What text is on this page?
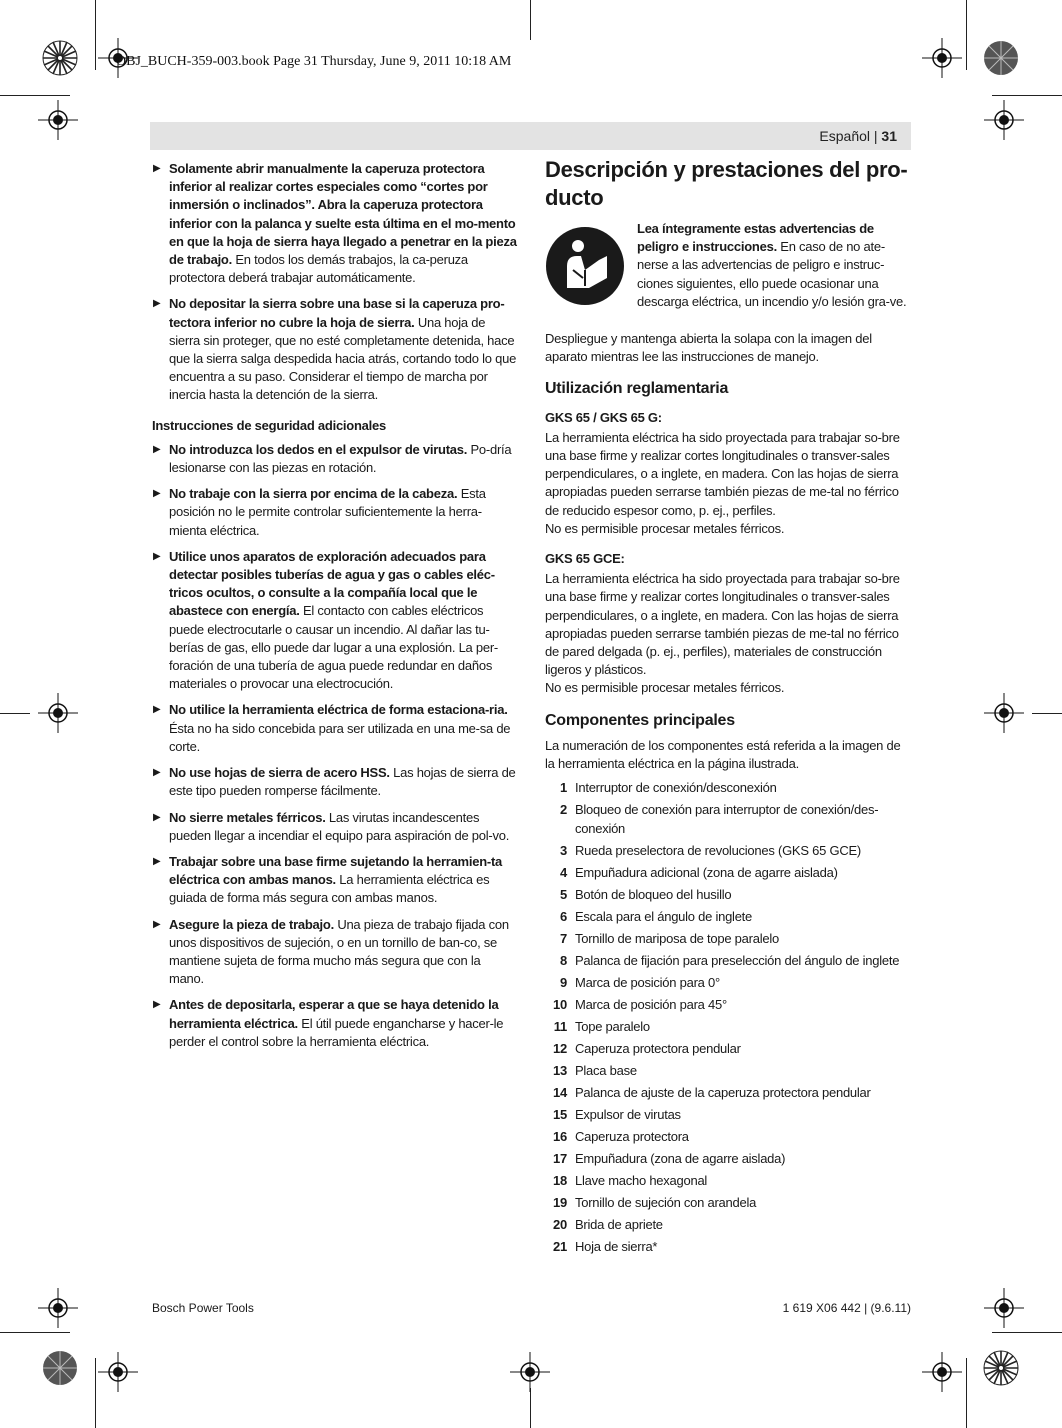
OBJ_BUCH-359-003.book Page 31 Thursday, June 9, 2011 10:18 AM
Español | 31
▶ Solamente abrir manualmente la caperuza protectora inferior al realizar cortes especiales como “cortes por inmersión o inclinados”. Abra la caperuza protectora inferior con la palanca y suelte esta última en el mo-mento en que la hoja de sierra haya llegado a penetrar en la pieza de trabajo. En todos los demás trabajos, la ca-peruza protectora deberá trabajar automáticamente.
▶ No depositar la sierra sobre una base si la caperuza pro-tectora inferior no cubre la hoja de sierra. Una hoja de sierra sin proteger, que no esté completamente detenida, hace que la sierra salga despedida hacia atrás, cortando todo lo que encuentra a su paso. Considerar el tiempo de marcha por inercia hasta la detención de la sierra.
Instrucciones de seguridad adicionales
▶ No introduzca los dedos en el expulsor de virutas. Po-dría lesionarse con las piezas en rotación.
▶ No trabaje con la sierra por encima de la cabeza. Esta posición no le permite controlar suficientemente la herra-mienta eléctrica.
▶ Utilice unos aparatos de exploración adecuados para detectar posibles tuberías de agua y gas o cables eléc-tricos ocultos, o consulte a la compañía local que le abastece con energía. El contacto con cables eléctricos puede electrocutarle o causar un incendio. Al dañar las tu-berías de gas, ello puede dar lugar a una explosión. La per-foración de una tubería de agua puede redundar en daños materiales o provocar una electrocución.
▶ No utilice la herramienta eléctrica de forma estaciona-ria. Ésta no ha sido concebida para ser utilizada en una me-sa de corte.
▶ No use hojas de sierra de acero HSS. Las hojas de sierra de este tipo pueden romperse fácilmente.
▶ No sierre metales férricos. Las virutas incandescentes pueden llegar a incendiar el equipo para aspiración de pol-vo.
▶ Trabajar sobre una base firme sujetando la herramien-ta eléctrica con ambas manos. La herramienta eléctrica es guiada de forma más segura con ambas manos.
▶ Asegure la pieza de trabajo. Una pieza de trabajo fijada con unos dispositivos de sujeción, o en un tornillo de ban-co, se mantiene sujeta de forma mucho más segura que con la mano.
▶ Antes de depositarla, esperar a que se haya detenido la herramienta eléctrica. El útil puede engancharse y hacer-le perder el control sobre la herramienta eléctrica.
Descripción y prestaciones del pro-ducto
Lea íntegramente estas advertencias de peligro e instrucciones. En caso de no ate-nerse a las advertencias de peligro e instruc-ciones siguientes, ello puede ocasionar una descarga eléctrica, un incendio y/o lesión gra-ve.

Despliegue y mantenga abierta la solapa con la imagen del aparato mientras lee las instrucciones de manejo.

Utilización reglamentaria
GKS 65 / GKS 65 G:

La herramienta eléctrica ha sido proyectada para trabajar so-bre una base firme y realizar cortes longitudinales o transver-sales perpendiculares, o a inglete, en madera. Con las hojas de sierra apropiadas pueden serrarse también piezas de me-tal no férrico de reducido espesor como, p. ej., perfiles.

No es permisible procesar metales férricos.

GKS 65 GCE:

La herramienta eléctrica ha sido proyectada para trabajar so-bre una base firme y realizar cortes longitudinales o transver-sales perpendiculares, o a inglete, en madera. Con las hojas de sierra apropiadas pueden serrarse también piezas de me-tal no férrico de pared delgada (p. ej., perfiles), materiales de construcción ligeros y plásticos.

No es permisible procesar metales férricos.

Componentes principales

La numeración de los componentes está referida a la imagen de la herramienta eléctrica en la página ilustrada.

1 Interruptor de conexión/desconexión
2 Bloqueo de conexión para interruptor de conexión/des-conexión
3 Rueda preselectora de revoluciones (GKS 65 GCE)
4 Empuñadura adicional (zona de agarre aislada)
5 Botón de bloqueo del husillo
6 Escala para el ángulo de inglete
7 Tornillo de mariposa de tope paralelo
8 Palanca de fijación para preselección del ángulo de inglete
9 Marca de posición para 0°
10 Marca de posición para 45°
11 Tope paralelo
12 Caperuza protectora pendular
13 Placa base
14 Palanca de ajuste de la caperuza protectora pendular
15 Expulsor de virutas
16 Caperuza protectora
17 Empuñadura (zona de agarre aislada)
18 Llave macho hexagonal
19 Tornillo de sujeción con arandela
20 Brida de apriete
21 Hoja de sierra*
Bosch Power Tools	1 619 X06 442 | (9.6.11)
